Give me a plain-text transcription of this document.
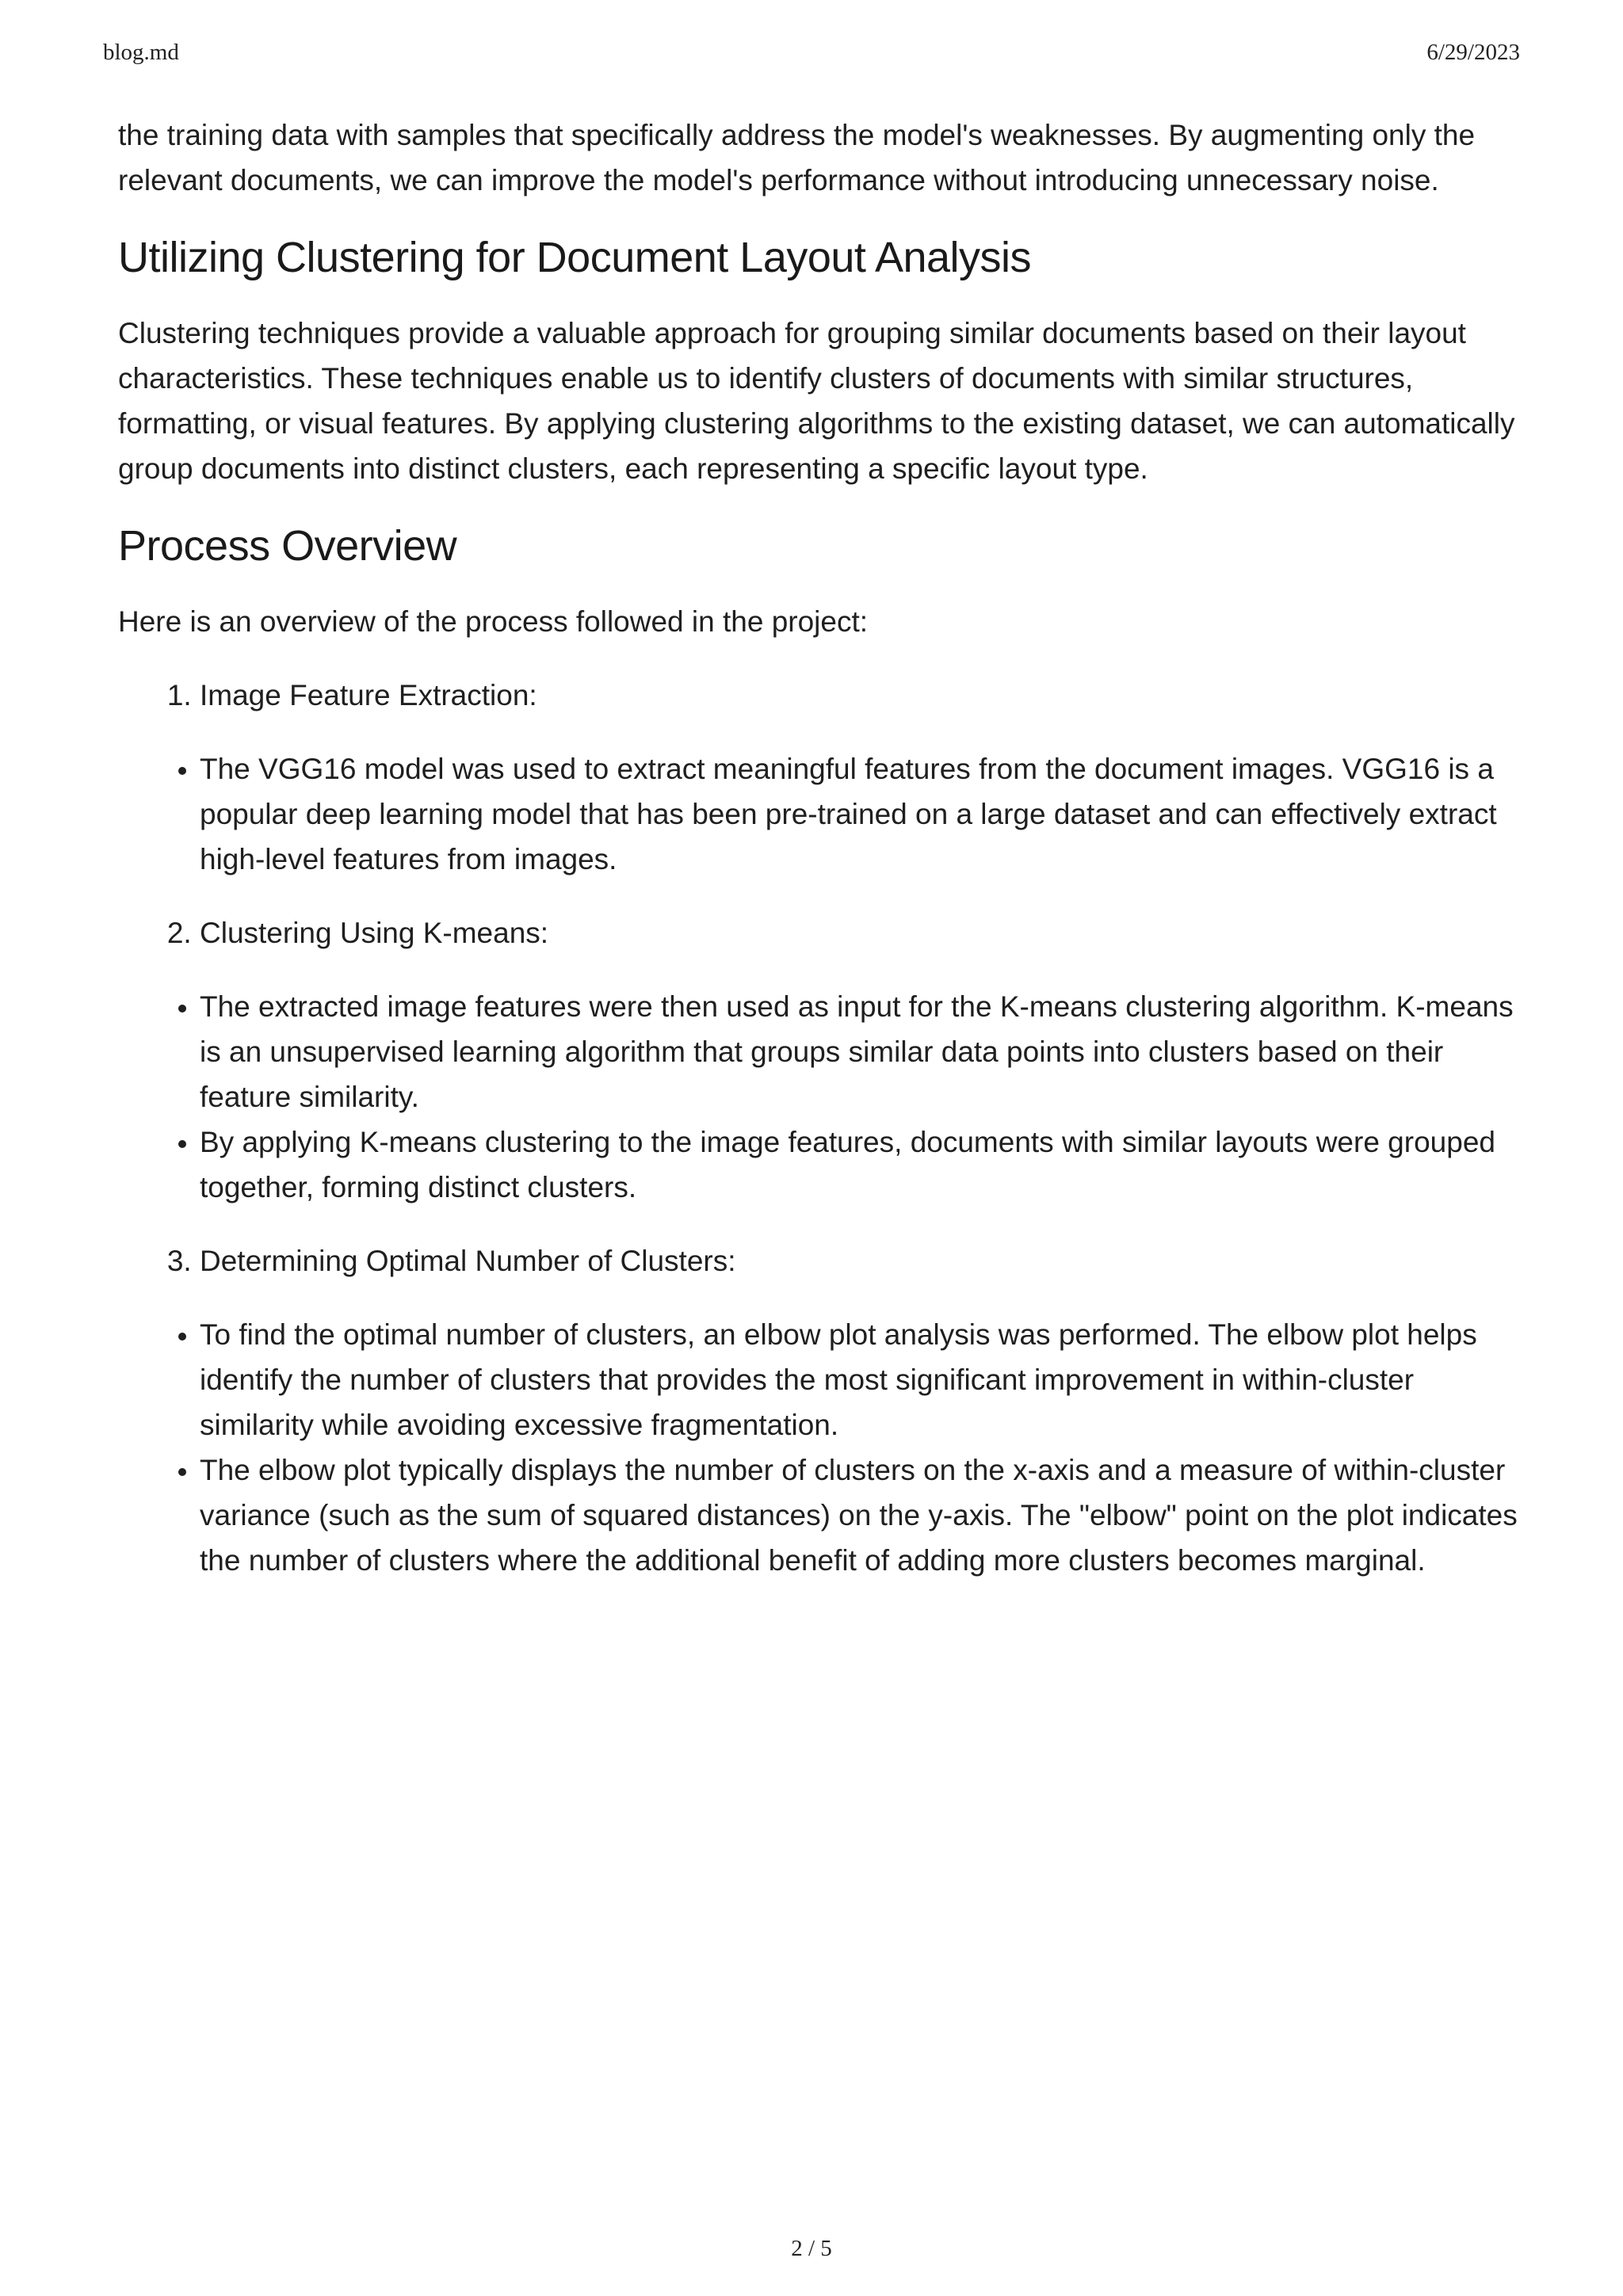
blog.md	6/29/2023

the training data with samples that specifically address the model's weaknesses. By augmenting only the relevant documents, we can improve the model's performance without introducing unnecessary noise.

Utilizing Clustering for Document Layout Analysis

Clustering techniques provide a valuable approach for grouping similar documents based on their layout characteristics. These techniques enable us to identify clusters of documents with similar structures, formatting, or visual features. By applying clustering algorithms to the existing dataset, we can automatically group documents into distinct clusters, each representing a specific layout type.

Process Overview

Here is an overview of the process followed in the project:

1. Image Feature Extraction:
• The VGG16 model was used to extract meaningful features from the document images. VGG16 is a popular deep learning model that has been pre-trained on a large dataset and can effectively extract high-level features from images.
2. Clustering Using K-means:
• The extracted image features were then used as input for the K-means clustering algorithm. K-means is an unsupervised learning algorithm that groups similar data points into clusters based on their feature similarity.
• By applying K-means clustering to the image features, documents with similar layouts were grouped together, forming distinct clusters.
3. Determining Optimal Number of Clusters:
• To find the optimal number of clusters, an elbow plot analysis was performed. The elbow plot helps identify the number of clusters that provides the most significant improvement in within-cluster similarity while avoiding excessive fragmentation.
• The elbow plot typically displays the number of clusters on the x-axis and a measure of within-cluster variance (such as the sum of squared distances) on the y-axis. The "elbow" point on the plot indicates the number of clusters where the additional benefit of adding more clusters becomes marginal.
2 / 5
